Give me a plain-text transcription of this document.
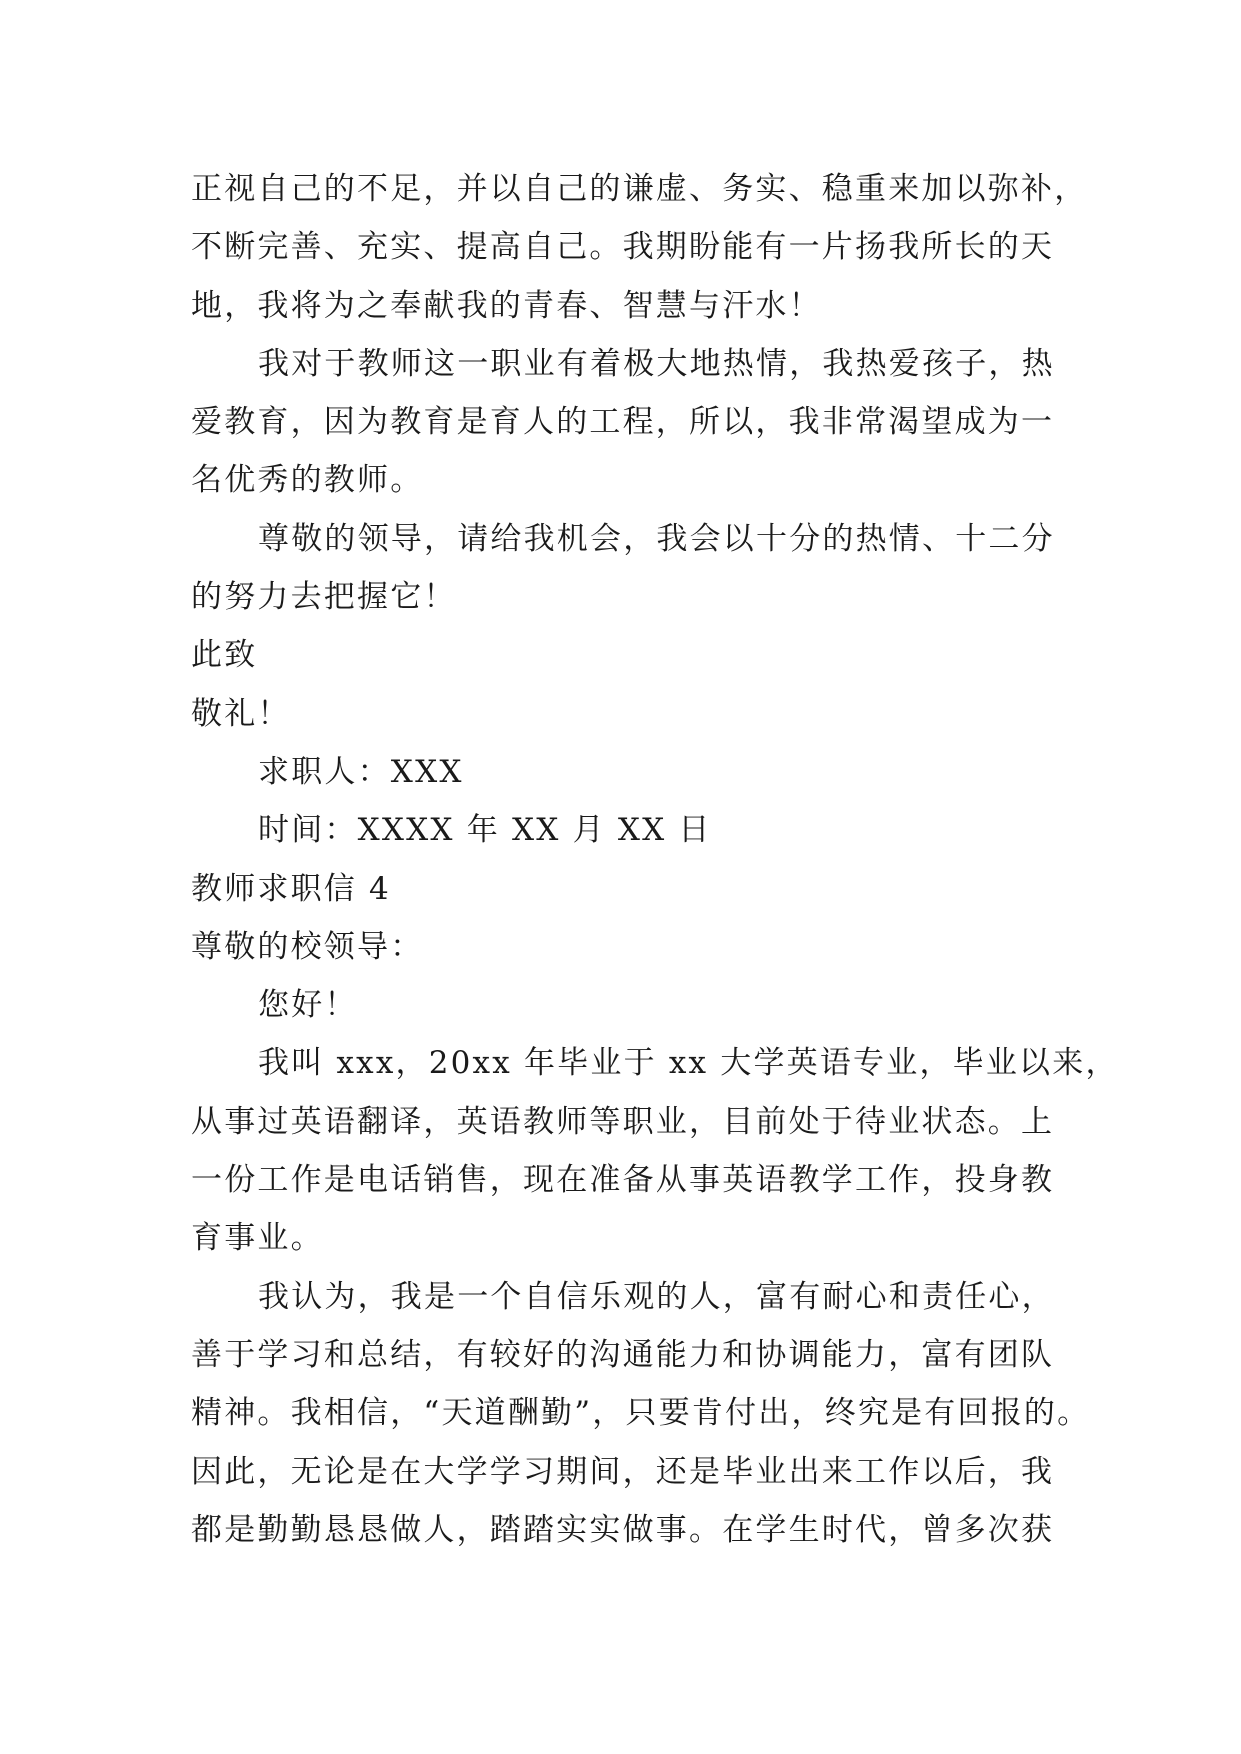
正视自己的不足，并以自己的谦虚、务实、稳重来加以弥补，
不断完善、充实、提高自己。我期盼能有一片扬我所长的天
地，我将为之奉献我的青春、智慧与汗水！
我对于教师这一职业有着极大地热情，我热爱孩子，热
爱教育，因为教育是育人的工程，所以，我非常渴望成为一
名优秀的教师。
尊敬的领导，请给我机会，我会以十分的热情、十二分
的努力去把握它！
此致
敬礼！
求职人：XXX
时间：XXXX 年 XX 月 XX 日
教师求职信 4
尊敬的校领导：
您好！
我叫 xxx，20xx 年毕业于 xx 大学英语专业，毕业以来，
从事过英语翻译，英语教师等职业，目前处于待业状态。上
一份工作是电话销售，现在准备从事英语教学工作，投身教
育事业。
我认为，我是一个自信乐观的人，富有耐心和责任心，
善于学习和总结，有较好的沟通能力和协调能力，富有团队
精神。我相信，“天道酬勤”，只要肯付出，终究是有回报的。
因此，无论是在大学学习期间，还是毕业出来工作以后，我
都是勤勤恳恳做人，踏踏实实做事。在学生时代，曾多次获
